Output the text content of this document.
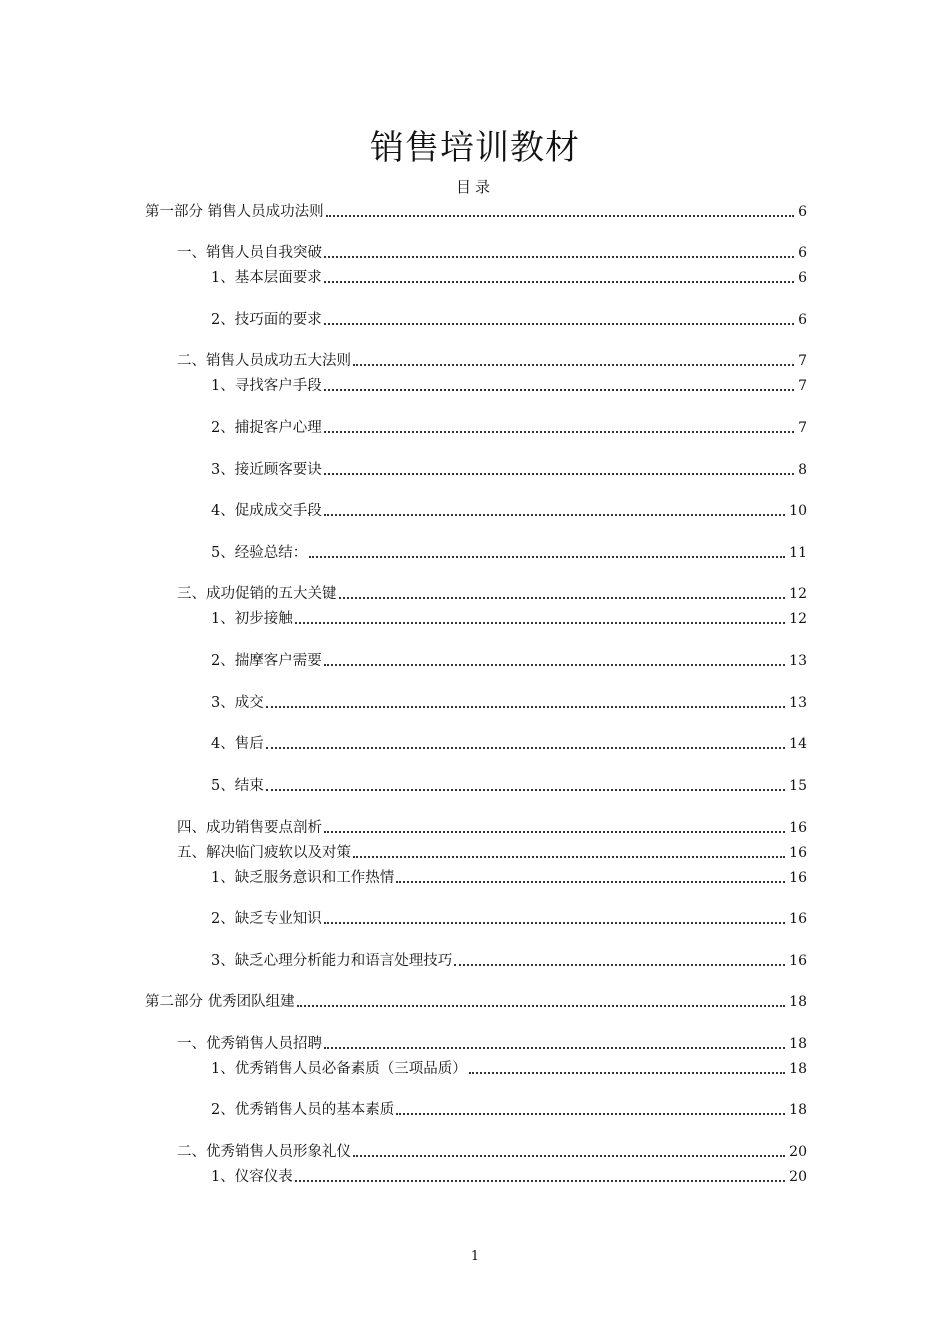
销售培训教材
目录
第一部分 销售人员成功法则	6
一、销售人员自我突破	6
1、基本层面要求	6
2、技巧面的要求	6
二、销售人员成功五大法则	7
1、寻找客户手段	7
2、捕捉客户心理	7
3、接近顾客要诀	8
4、促成成交手段	10
5、经验总结：	11
三、成功促销的五大关键	12
1、初步接触	12
2、揣摩客户需要	13
3、成交	13
4、售后	14
5、结束	15
四、成功销售要点剖析	16
五、解决临门疲软以及对策	16
1、缺乏服务意识和工作热情	16
2、缺乏专业知识	16
3、缺乏心理分析能力和语言处理技巧	16
第二部分 优秀团队组建	18
一、优秀销售人员招聘	18
1、优秀销售人员必备素质（三项品质）	18
2、优秀销售人员的基本素质	18
二、优秀销售人员形象礼仪	20
1、仪容仪表	20
1
